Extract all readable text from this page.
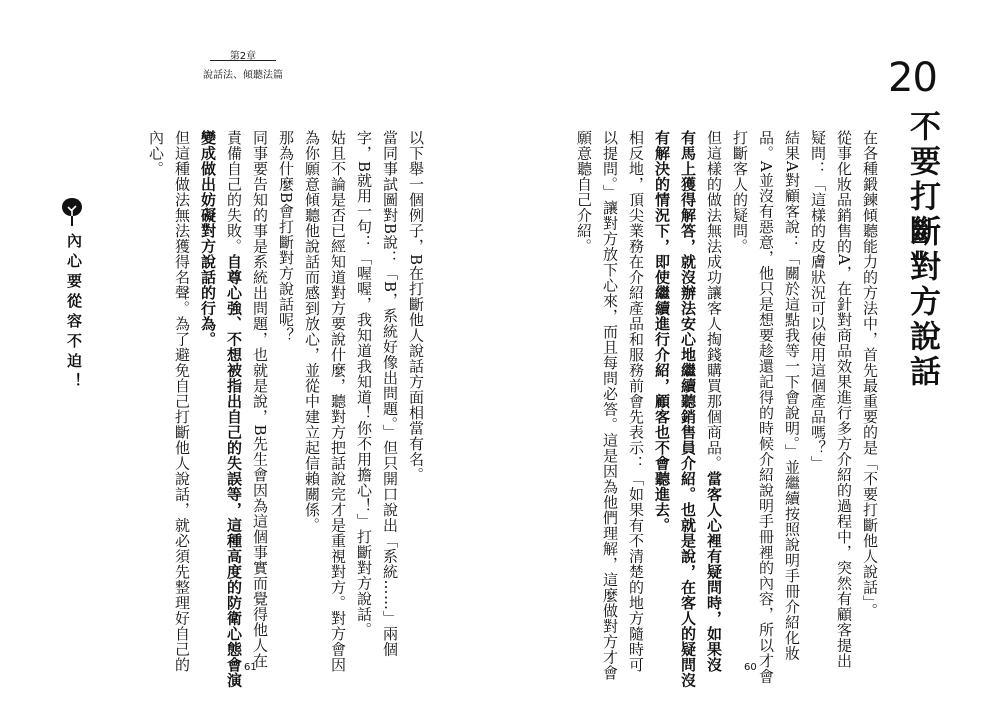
第2章
說話法、傾聽法篇	20
不要打斷對方說話
在各種鍛鍊傾聽能力的方法中，首先最重要的是「不要打斷他人說話」。
從事化妝品銷售的A，在針對商品效果進行多方介紹的過程中，突然有顧客提出
疑問：「這樣的皮膚狀況可以使用這個產品嗎？」
結果A對顧客說：「關於這點我等一下會說明。」並繼續按照說明手冊介紹化妝
品。A並沒有惡意，他只是想要趁還記得的時候介紹說明手冊裡的內容，所以才會
打斷客人的疑問。
但這樣的做法無法成功讓客人掏錢購買那個商品。當客人心裡有疑問時，如果沒
有馬上獲得解答，就沒辦法安心地繼續聽銷售員介紹。也就是說，在客人的疑問沒
有解決的情況下，即使繼續進行介紹，顧客也不會聽進去。
相反地，頂尖業務在介紹產品和服務前會先表示：「如果有不清楚的地方隨時可
以提問。」讓對方放下心來，而且每問必答。這是因為他們理解，這麼做對方才會
願意聽自己介紹。
以下舉一個例子，B在打斷他人說話方面相當有名。
當同事試圖對B說：「B，系統好像出問題。」但只開口說出「系統……」兩個
字，B就用一句：「喔喔，我知道我知道！你不用擔心！」打斷對方說話。
姑且不論是否已經知道對方要說什麼，聽對方把話說完才是重視對方。對方會因
為你願意傾聽他說話而感到放心，並從中建立起信賴關係。
那為什麼B會打斷對方說話呢？
同事要告知的事是系統出問題，也就是說，B先生會因為這個事實而覺得他人在
責備自己的失敗。自尊心強、不想被指出自己的失誤等，這種高度的防衛心態會演
變成做出妨礙對方說話的行為。
但這種做法無法獲得名聲。為了避免自己打斷他人說話，就必須先整理好自己的
內心。
內心要從容不迫！
61	60
